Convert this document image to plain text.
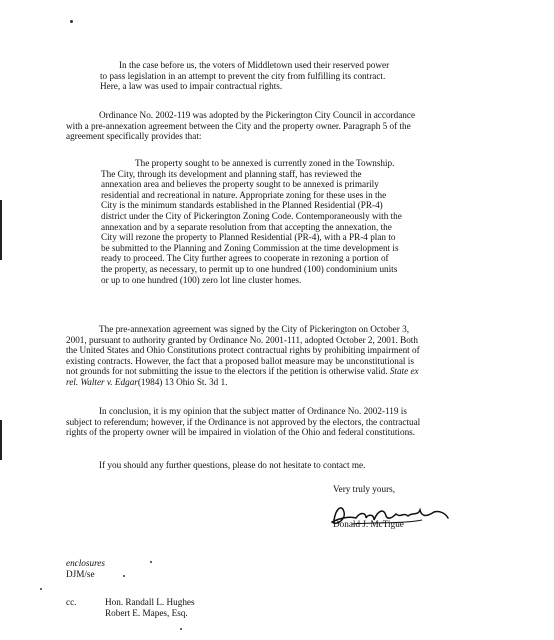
In the case before us, the voters of Middletown used their reserved power
to pass legislation in an attempt to prevent the city from fulfilling its contract.
Here, a law was used to impair contractual rights.
Ordinance No. 2002-119 was adopted by the Pickerington City Council in accordance
with a pre-annexation agreement between the City and the property owner. Paragraph 5 of the
agreement specifically provides that:
The property sought to be annexed is currently zoned in the Township.
The City, through its development and planning staff, has reviewed the
annexation area and believes the property sought to be annexed is primarily
residential and recreational in nature. Appropriate zoning for these uses in the
City is the minimum standards established in the Planned Residential (PR-4)
district under the City of Pickerington Zoning Code. Contemporaneously with the
annexation and by a separate resolution from that accepting the annexation, the
City will rezone the property to Planned Residential (PR-4), with a PR-4 plan to
be submitted to the Planning and Zoning Commission at the time development is
ready to proceed. The City further agrees to cooperate in rezoning a portion of
the property, as necessary, to permit up to one hundred (100) condominium units
or up to one hundred (100) zero lot line cluster homes.
The pre-annexation agreement was signed by the City of Pickerington on October 3,
2001, pursuant to authority granted by Ordinance No. 2001-111, adopted October 2, 2001. Both
the United States and Ohio Constitutions protect contractual rights by prohibiting impairment of
existing contracts. However, the fact that a proposed ballot measure may be unconstitutional is
not grounds for not submitting the issue to the electors if the petition is otherwise valid. State ex
rel. Walter v. Edgar(1984) 13 Ohio St. 3d 1.
In conclusion, it is my opinion that the subject matter of Ordinance No. 2002-119 is
subject to referendum; however, if the Ordinance is not approved by the electors, the contractual
rights of the property owner will be impaired in violation of the Ohio and federal constitutions.
If you should any further questions, please do not hesitate to contact me.
Very truly yours,
Donald J. McTigue
enclosures
DJM/se
cc.	Hon. Randall L. Hughes
Robert E. Mapes, Esq.
